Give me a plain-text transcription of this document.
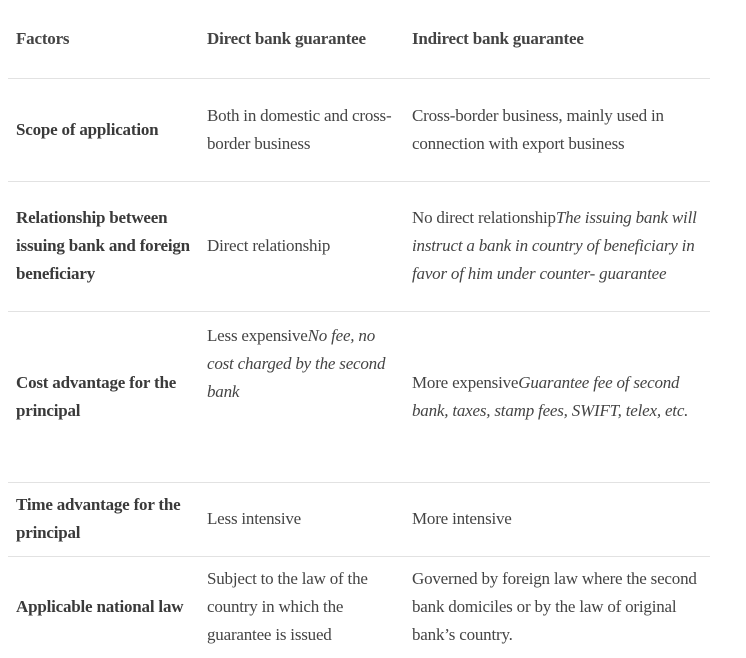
Factors	Direct bank guarantee	Indirect bank guarantee
Scope of application	Both in domestic and cross-border business	Cross-border business, mainly used in connection with export business
Relationship between issuing bank and foreign beneficiary	Direct relationship	No direct relationshipThe issuing bank will instruct a bank in country of beneficiary in favor of him under counter- guarantee
Cost advantage for the principal	Less expensiveNo fee, no cost charged by the second bank	More expensiveGuarantee fee of second bank, taxes, stamp fees, SWIFT, telex, etc.
Time advantage for the principal	Less intensive	More intensive
Applicable national law	Subject to the law of the country in which the guarantee is issued	Governed by foreign law where the second bank domiciles or by the law of original bank’s country.
